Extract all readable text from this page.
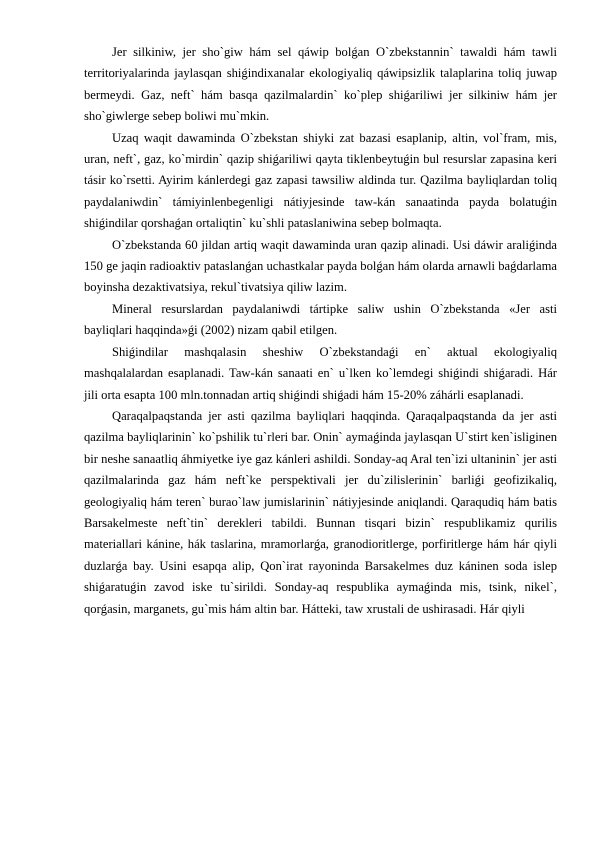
Jer silkiniw, jer sho`giw hám sel qáwip bolǵan O`zbekstannin` tawaldi hám tawli territoriyalarinda jaylasqan shiǵindixanalar ekologiyaliq qáwipsizlik talaplarina toliq juwap bermeydi. Gaz, neft` hám basqa qazilmalardin` ko`plep shiǵariliwi jer silkiniw hám jer sho`giwlerge sebep boliwi mu`mkin.

Uzaq waqit dawaminda O`zbekstan shiyki zat bazasi esaplanip, altin, vol`fram, mis, uran, neft`, gaz, ko`mirdin` qazip shiǵariliwi qayta tiklenbeytuǵin bul resurslar zapasina keri tásir ko`rsetti. Ayirim kánlerdegi gaz zapasi tawsiliw aldinda tur. Qazilma bayliqlardan toliq paydalaniwdin` támiyinlenbegenligi nátiyjesinde taw-kán sanaatinda payda bolatuǵin shiǵindilar qorshaǵan ortaliqtin` ku`shli pataslaniwina sebep bolmaqta.

O`zbekstanda 60 jildan artiq waqit dawaminda uran qazip alinadi. Usi dáwir araliǵinda 150 ge jaqin radioaktiv pataslanǵan uchastkalar payda bolǵan hám olarda arnawli baǵdarlama boyinsha dezaktivatsiya, rekul`tivatsiya qiliw lazim.

Mineral resurslardan paydalaniwdi tártipke saliw ushin O`zbekstanda «Jer asti bayliqlari haqqinda»ǵi (2002) nizam qabil etilgen.

Shiǵindilar mashqalasin sheshiw O`zbekstandaǵi en` aktual ekologiyaliq mashqalalardan esaplanadi. Taw-kán sanaati en` u`lken ko`lemdegi shiǵindi shiǵaradi. Hár jili orta esapta 100 mln.tonnadan artiq shiǵindi shiǵadi hám 15-20% záhárli esaplanadi.

Qaraqalpaqstanda jer asti qazilma bayliqlari haqqinda. Qaraqalpaqstanda da jer asti qazilma bayliqlarinin` ko`pshilik tu`rleri bar. Onin` aymaǵinda jaylasqan U`stirt ken`isliginen bir neshe sanaatliq áhmiyetke iye gaz kánleri ashildi. Sonday-aq Aral ten`izi ultaninin` jer asti qazilmalarinda gaz hám neft`ke perspektivali jer du`zilislerinin` barliǵi geofizikaliq, geologiyaliq hám teren` burao`law jumislarinin` nátiyjesinde aniqlandi. Qaraqudiq hám batis Barsakelmeste neft`tin` derekleri tabildi. Bunnan tisqari bizin` respublikamiz qurilis materiallari kánine, hák taslarina, mramorlarǵa, granodioritlerge, porfiritlerge hám hár qiyli duzlarǵa bay. Usini esapqa alip, Qon`irat rayoninda Barsakelmes duz káninen soda islep shiǵaratuǵin zavod iske tu`sirildi. Sonday-aq respublika aymaǵinda mis, tsink, nikel`, qorǵasin, marganets, gu`mis hám altin bar. Hátteki, taw xrustali de ushirasadi. Hár qiyli
